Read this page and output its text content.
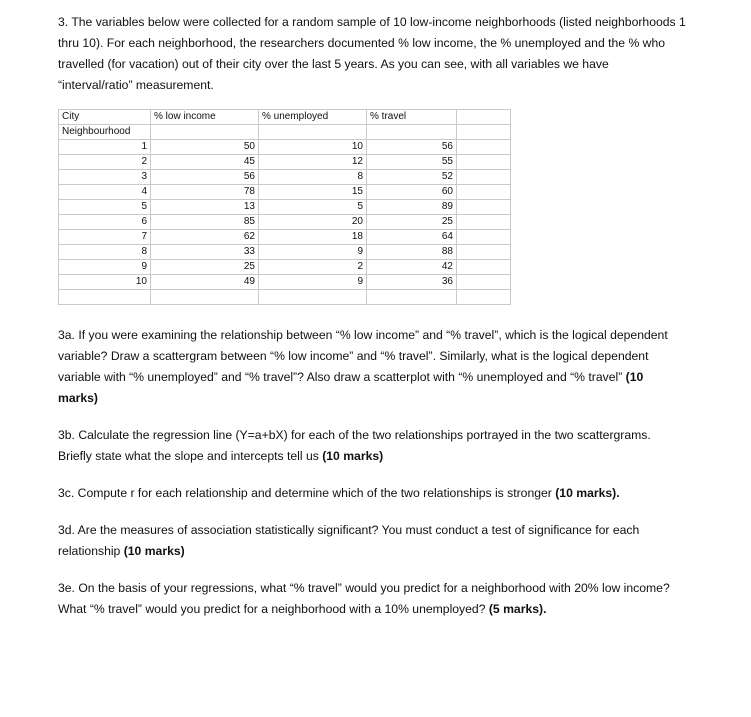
3. The variables below were collected for a random sample of 10 low-income neighborhoods (listed neighborhoods 1 thru 10). For each neighborhood, the researchers documented % low income, the % unemployed and the % who travelled (for vacation) out of their city over the last 5 years. As you can see, with all variables we have “interval/ratio” measurement.

City	% low income	% unemployed	% travel	
Neighbourhood				
1	50	10	56	
2	45	12	55	
3	56	8	52	
4	78	15	60	
5	13	5	89	
6	85	20	25	
7	62	18	64	
8	33	9	88	
9	25	2	42	
10	49	9	36	

3a. If you were examining the relationship between “% low income” and “% travel”, which is the logical dependent variable? Draw a scattergram between “% low income” and “% travel”. Similarly, what is the logical dependent variable with “% unemployed” and “% travel”? Also draw a scatterplot with “% unemployed and “% travel” (10 marks)

3b. Calculate the regression line (Y=a+bX) for each of the two relationships portrayed in the two scattergrams. Briefly state what the slope and intercepts tell us (10 marks)

3c. Compute r for each relationship and determine which of the two relationships is stronger (10 marks).

3d. Are the measures of association statistically significant? You must conduct a test of significance for each relationship (10 marks)

3e. On the basis of your regressions, what “% travel” would you predict for a neighborhood with 20% low income? What “% travel” would you predict for a neighborhood with a 10% unemployed? (5 marks).
